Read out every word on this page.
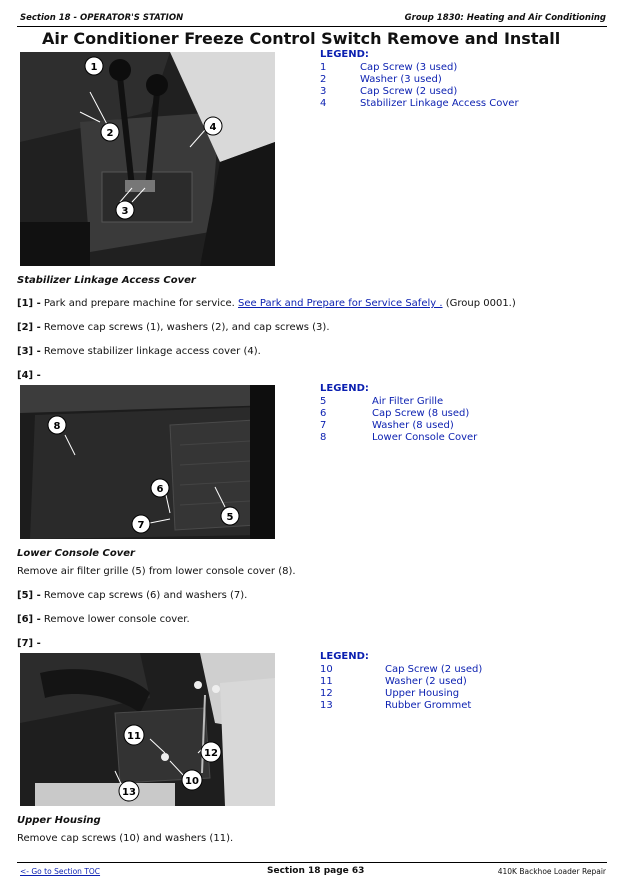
Section 18 - OPERATOR'S STATION	Group 1830: Heating and Air Conditioning
Air Conditioner Freeze Control Switch Remove and Install
1
2
3
4
LEGEND:
1	Cap Screw (3 used)
2	Washer (3 used)
3	Cap Screw (2 used)
4	Stabilizer Linkage Access Cover
Stabilizer Linkage Access Cover
[1] - Park and prepare machine for service. See Park and Prepare for Service Safely . (Group 0001.)
[2] - Remove cap screws (1), washers (2), and cap screws (3).
[3] - Remove stabilizer linkage access cover (4).
[4] -
8
6
7
5
LEGEND:
5	Air Filter Grille
6	Cap Screw (8 used)
7	Washer (8 used)
8	Lower Console Cover
Lower Console Cover
Remove air filter grille (5) from lower console cover (8).
[5] - Remove cap screws (6) and washers (7).
[6] - Remove lower console cover.
[7] -
11
12
10
13
LEGEND:
10	Cap Screw (2 used)
11	Washer (2 used)
12	Upper Housing
13	Rubber Grommet
Upper Housing
Remove cap screws (10) and washers (11).
<- Go to Section TOC	Section 18 page 63	410K Backhoe Loader Repair
